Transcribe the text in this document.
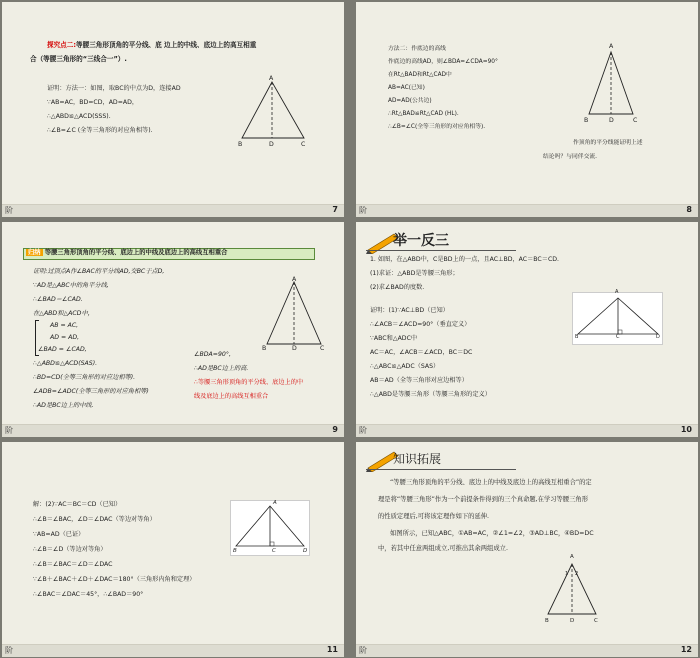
探究点二:等腰三角形顶角的平分线、底 边上的中线、底边上的高互相重
合（等腰三角形的“三线合一”）.
证明：方法一：如图，取BC的中点为D，连接AD
∵AB=AC，BD=CD，AD=AD，
∴△ABD≌△ACD(SSS).
∴∠B=∠C (全等三角形的对应角相等).
A
B	D	C
阶	7
方法二：作底边的高线
作底边的高线AD，则∠BDA=∠CDA=90°
在Rt△BAD和Rt△CAD中
AB=AC(已知)
AD=AD(公共边)
∴Rt△BAD≌Rt△CAD (HL).
∴∠B=∠C(全等三角形的对应角相等).
A
B	D	C
作顶角的平分线能证明上述
结论吗？与同伴交流.
阶	8
归纳 等腰三角形顶角的平分线、底边上的中线及底边上的高线互相重合
证明:过顶点A作∠BAC的平分线AD,交BC于点D,
∵AD是△ABC中的角平分线,
∴∠BAD＝∠CAD.
在△ABD和△ACD中，
AB = AC,
AD = AD,
∠BAD = ∠CAD,
∴△ABD≌△ACD(SAS).
∴BD=CD(全等三角形的对应边相等).
∠ADB=∠ADC(全等三角形的对应角相等)
∴AD是BC边上的中线.
A
B	D	C
∠BDA=90°,
∴AD是BC边上的高.
∴等腰三角形顶角的平分线、底边上的中
线及底边上的高线互相重合
阶	9
举一反三
1. 如图，在△ABD中，C是BD上的一点，且AC⊥BD，AC＝BC＝CD.
(1)求证：△ABD是等腰三角形；
(2)求∠BAD的度数.
证明：(1)∵AC⊥BD（已知）
∴∠ACB＝∠ACD=90°（垂直定义）
∵ABC和△ADC中
AC＝AC，∠ACB＝∠ACD，BC＝DC
∴△ABC≌△ADC（SAS）
AB＝AD（全等三角形对应边相等）
∴△ABD是等腰三角形（等腰三角形的定义）
A
B	C	D
阶	10
解：(2)∵AC＝BC＝CD（已知）
∴∠B＝∠BAC，∠D＝∠DAC（等边对等角）
∵AB=AD（已证）
∴∠B＝∠D（等边对等角）
∴∠B＝∠BAC＝∠D＝∠DAC
∵∠B＋∠BAC＋∠D＋∠DAC＝180°（三角形内角和定理）
∴∠BAC＝∠DAC＝45°，∴∠BAD＝90°
A
B	C	D
阶	11
知识拓展
“等腰三角形顶角的平分线、底边上的中线及底边上的高线互相重合”的定
理是将“等腰三角形”作为一个前提条件得到的三个真命题,在学习等腰三角形
的性质定理后,可将该定理作如下的延伸.
如图所示，已知△ABC，①AB=AC，②∠1=∠2，③AD⊥BC，④BD=DC
中，若其中任意两组成立,可推出其余两组成立.
A
1 2
B	D	C
阶	12
